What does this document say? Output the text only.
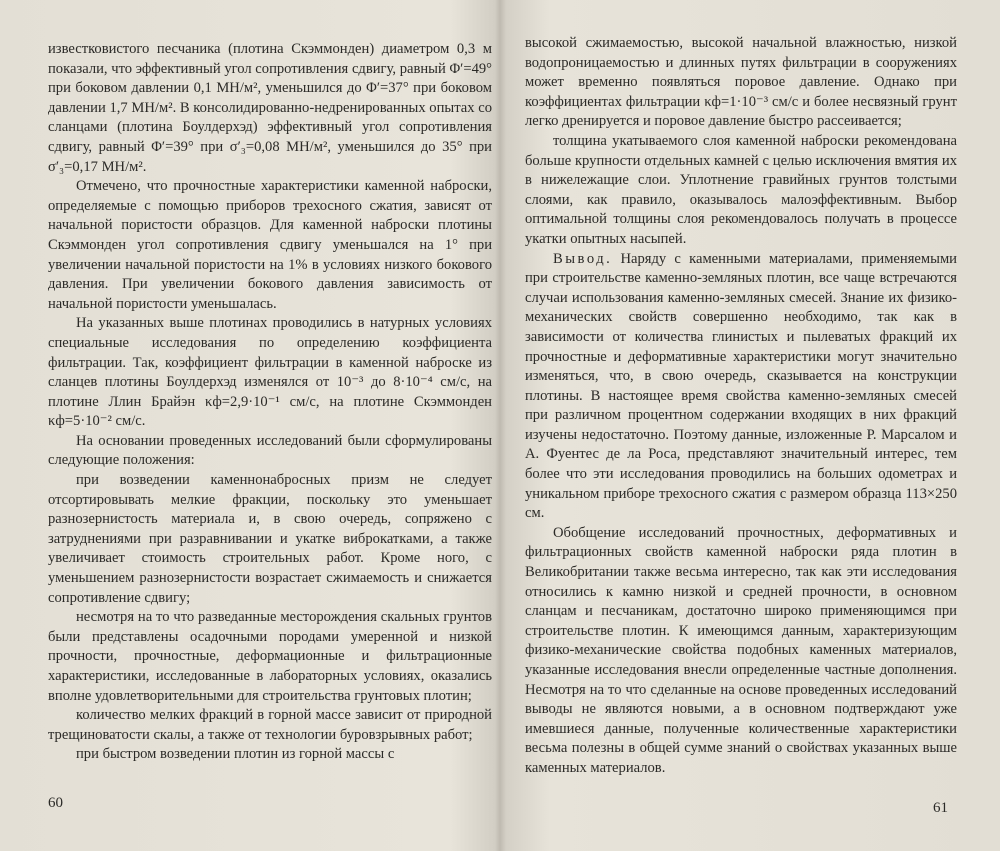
известковистого песчаника (плотина Скэммонден) диаметром 0,3 м показали, что эффективный угол сопротивления сдвигу, равный Φ′=49° при боковом давлении 0,1 МН/м², уменьшился до Φ′=37° при боковом давлении 1,7 МН/м². В консолидированно-недренированных опытах со сланцами (плотина Боулдерхэд) эффективный угол сопротивления сдвигу, равный Φ′=39° при σ′₃=0,08 МН/м², уменьшился до 35° при σ′₃=0,17 МН/м².

Отмечено, что прочностные характеристики каменной наброски, определяемые с помощью приборов трехосного сжатия, зависят от начальной пористости образцов. Для каменной наброски плотины Скэммонден угол сопротивления сдвигу уменьшался на 1° при увеличении начальной пористости на 1% в условиях низкого бокового давления. При увеличении бокового давления зависимость от начальной пористости уменьшалась.

На указанных выше плотинах проводились в натурных условиях специальные исследования по определению коэффициента фильтрации. Так, коэффициент фильтрации в каменной наброске из сланцев плотины Боулдерхэд изменялся от 10⁻³ до 8·10⁻⁴ см/с, на плотине Ллин Брайэн κф=2,9·10⁻¹ см/с, на плотине Скэммонден κф=5·10⁻² см/с.

На основании проведенных исследований были сформулированы следующие положения:

при возведении каменнонабросных призм не следует отсортировывать мелкие фракции, поскольку это уменьшает разнозернистость материала и, в свою очередь, сопряжено с затруднениями при разравнивании и укатке виброкатками, а также увеличивает стоимость строительных работ. Кроме ного, с уменьшением разнозернистости возрастает сжимаемость и снижается сопротивление сдвигу;

несмотря на то что разведанные месторождения скальных грунтов были представлены осадочными породами умеренной и низкой прочности, прочностные, деформационные и фильтрационные характеристики, исследованные в лабораторных условиях, оказались вполне удовлетворительными для строительства грунтовых плотин;

количество мелких фракций в горной массе зависит от природной трещиноватости скалы, а также от технологии буровзрывных работ;

при быстром возведении плотин из горной массы с

60

высокой сжимаемостью, высокой начальной влажностью, низкой водопроницаемостью и длинных путях фильтрации в сооружениях может временно появляться поровое давление. Однако при коэффициентах фильтрации κф=1·10⁻³ см/с и более несвязный грунт легко дренируется и поровое давление быстро рассеивается;

толщина укатываемого слоя каменной наброски рекомендована больше крупности отдельных камней с целью исключения вмятия их в нижележащие слои. Уплотнение гравийных грунтов толстыми слоями, как правило, оказывалось малоэффективным. Выбор оптимальной толщины слоя рекомендовалось получать в процессе укатки опытных насыпей.

Вывод. Наряду с каменными материалами, применяемыми при строительстве каменно-земляных плотин, все чаще встречаются случаи использования каменно-земляных смесей. Знание их физико-механических свойств совершенно необходимо, так как в зависимости от количества глинистых и пылеватых фракций их прочностные и деформативные характеристики могут значительно изменяться, что, в свою очередь, сказывается на конструкции плотины. В настоящее время свойства каменно-земляных смесей при различном процентном содержании входящих в них фракций изучены недостаточно. Поэтому данные, изложенные Р. Марсалом и А. Фуентес де ла Роса, представляют значительный интерес, тем более что эти исследования проводились на больших одометрах и уникальном приборе трехосного сжатия с размером образца 113×250 см.

Обобщение исследований прочностных, деформативных и фильтрационных свойств каменной наброски ряда плотин в Великобритании также весьма интересно, так как эти исследования относились к камню низкой и средней прочности, в основном сланцам и песчаникам, достаточно широко применяющимся при строительстве плотин. К имеющимся данным, характеризующим физико-механические свойства подобных каменных материалов, указанные исследования внесли определенные частные дополнения. Несмотря на то что сделанные на основе проведенных исследований выводы не являются новыми, а в основном подтверждают уже имевшиеся данные, полученные количественные характеристики весьма полезны в общей сумме знаний о свойствах указанных выше каменных материалов.

61
